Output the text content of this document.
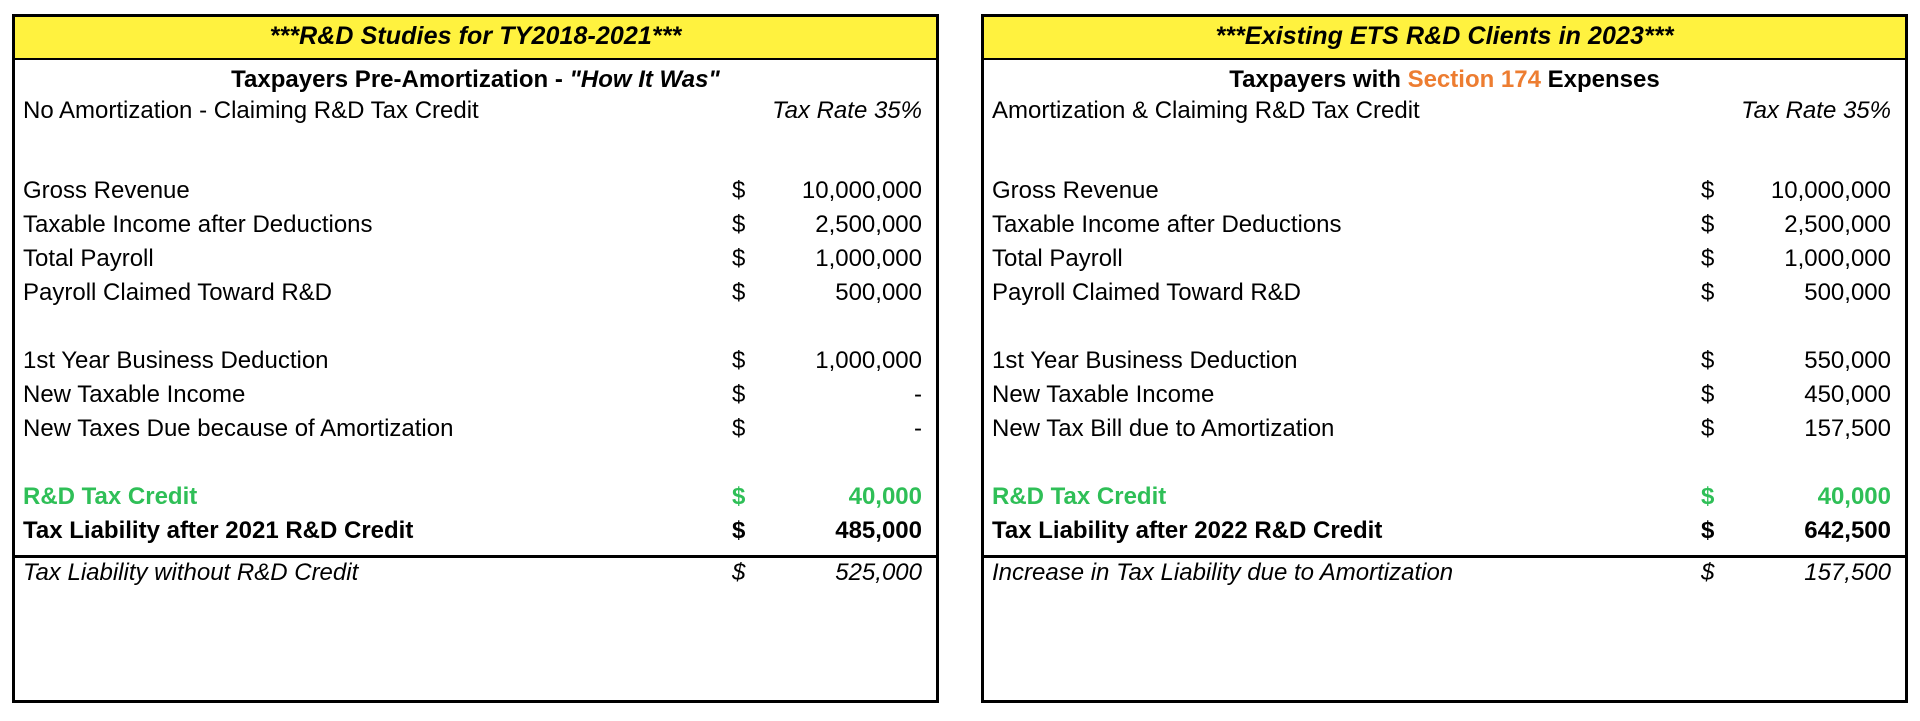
***R&D Studies for TY2018-2021***
Taxpayers Pre-Amortization - "How It Was"
No Amortization - Claiming R&D Tax Credit	Tax Rate 35%
Gross Revenue	$	10,000,000
Taxable Income after Deductions	$	2,500,000
Total Payroll	$	1,000,000
Payroll Claimed Toward R&D	$	500,000
1st Year Business Deduction	$	1,000,000
New Taxable Income	$	-
New Taxes Due because of Amortization	$	-
R&D Tax Credit	$	40,000
Tax Liability after 2021 R&D Credit	$	485,000
Tax Liability without R&D Credit	$	525,000
***Existing ETS R&D Clients in 2023***
Taxpayers with Section 174 Expenses
Amortization & Claiming R&D Tax Credit	Tax Rate 35%
Gross Revenue	$	10,000,000
Taxable Income after Deductions	$	2,500,000
Total Payroll	$	1,000,000
Payroll Claimed Toward R&D	$	500,000
1st Year Business Deduction	$	550,000
New Taxable Income	$	450,000
New Tax Bill due to Amortization	$	157,500
R&D Tax Credit	$	40,000
Tax Liability after 2022 R&D Credit	$	642,500
Increase in Tax Liability due to Amortization	$	157,500
